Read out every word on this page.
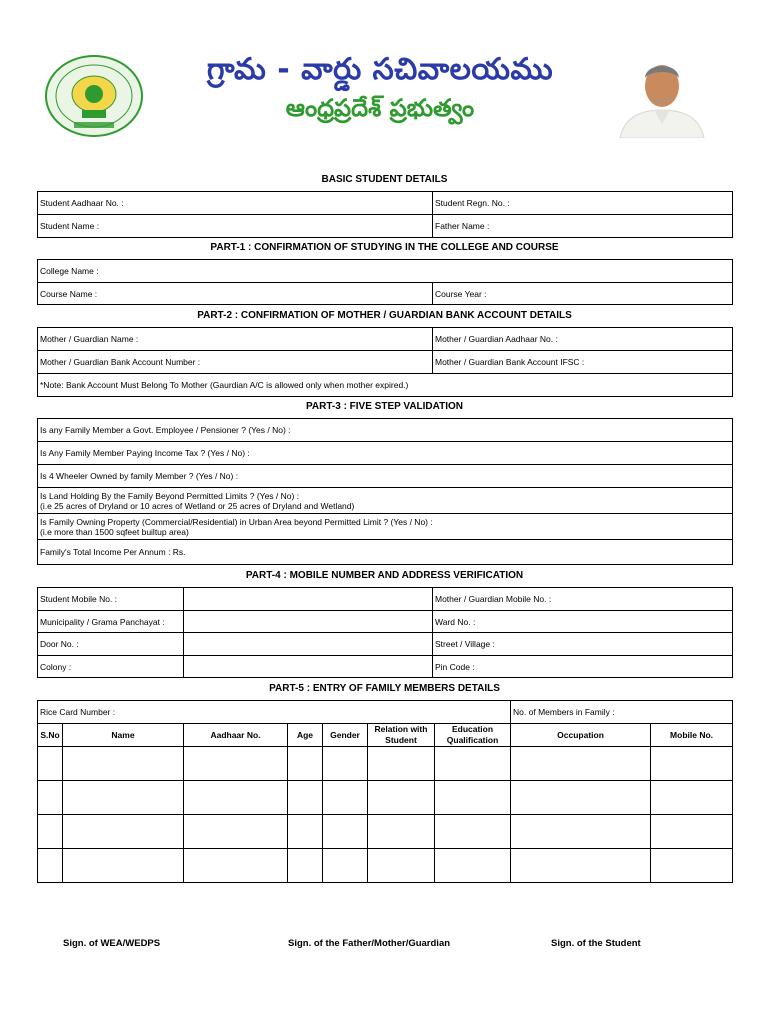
గ్రామ - వార్డు సచివాలయము
ఆంధ్రప్రదేశ్ ప్రభుత్వం
BASIC STUDENT DETAILS
Student Aadhaar No. :	Student Regn. No. :
Student Name :	Father Name :
PART-1 : CONFIRMATION OF STUDYING IN THE COLLEGE AND COURSE
College Name :
Course Name :	Course Year :
PART-2 : CONFIRMATION OF MOTHER / GUARDIAN BANK ACCOUNT DETAILS
Mother / Guardian Name :	Mother / Guardian Aadhaar No. :
Mother / Guardian Bank Account Number :	Mother / Guardian Bank Account IFSC :
*Note: Bank Account Must Belong To Mother (Gaurdian A/C is allowed only when mother expired.)	
PART-3 : FIVE STEP VALIDATION
Is any Family Member a Govt. Employee / Pensioner ? (Yes / No) :
Is Any Family Member Paying Income Tax ? (Yes / No) :
Is 4 Wheeler Owned by family Member ? (Yes / No) :

Is Land Holding By the Family Beyond Permitted Limits ? (Yes / No) :
(i.e 25 acres of Dryland or 10 acres of Wetland or 25 acres of Dryland and Wetland)

Is Family Owning Property (Commercial/Residential) in Urban Area beyond Permitted Limit ? (Yes / No) :
(i.e more than 1500 sqfeet builtup area)

Family's Total Income Per Annum : Rs.
PART-4 : MOBILE NUMBER AND ADDRESS VERIFICATION
Student Mobile No. :		Mother / Guardian Mobile No. :
Municipality / Grama Panchayat :		Ward No. :
Door No. :		Street / Village :
Colony :		Pin Code :
PART-5 : ENTRY OF FAMILY MEMBERS DETAILS
Rice Card Number :							No. of Members in Family :	
S.No	Name	Aadhaar No.	Age	Gender	Relation with Student	Education Qualification	Occupation	Mobile No.

Sign. of WEA/WEDPS	Sign. of the Father/Mother/Guardian	Sign. of the Student
